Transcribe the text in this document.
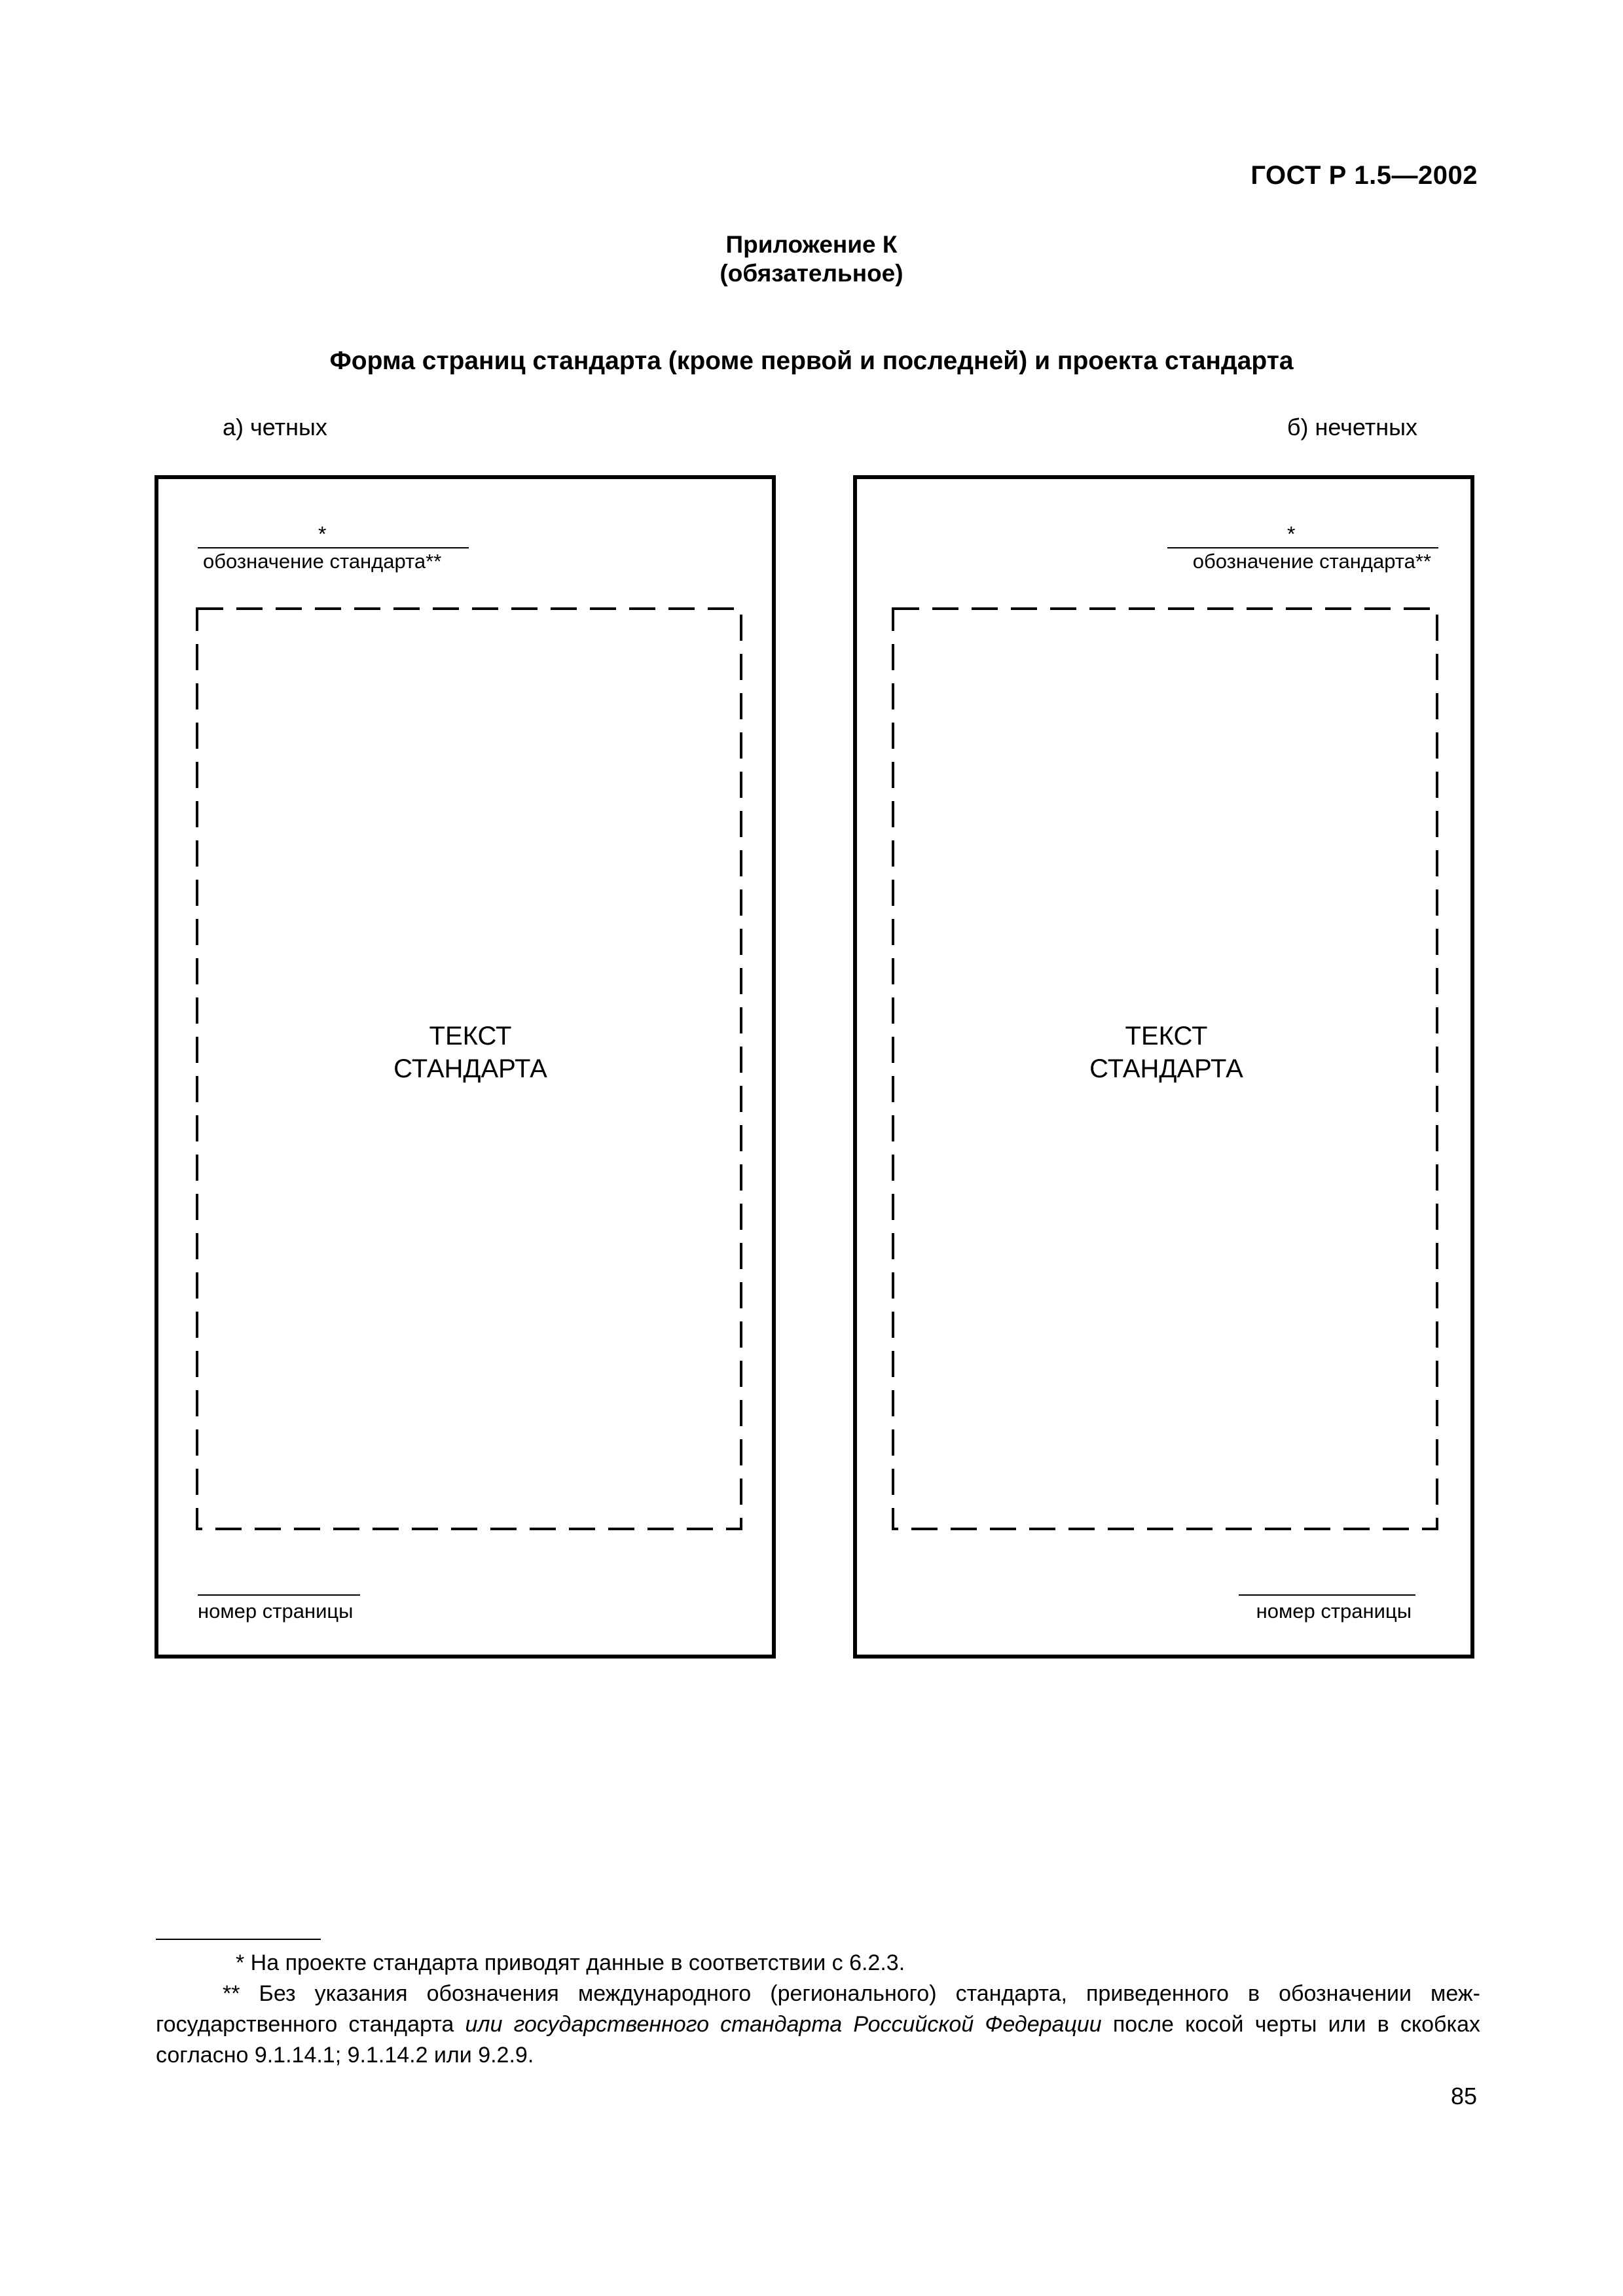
ГОСТ Р 1.5—2002
Приложение К
(обязательное)
Форма страниц стандарта (кроме первой и последней) и проекта стандарта
а) четных	б) нечетных
*
обозначение стандарта**
ТЕКСТ
СТАНДАРТА
номер страницы
*
обозначение стандарта**
ТЕКСТ
СТАНДАРТА
номер страницы
* На проекте стандарта приводят данные в соответствии с 6.2.3.
** Без указания обозначения международного (регионального) стандарта, приведенного в обозначении меж-государственного стандарта или государственного стандарта Российской Федерации после косой черты или в скобках согласно 9.1.14.1; 9.1.14.2 или 9.2.9.
85
